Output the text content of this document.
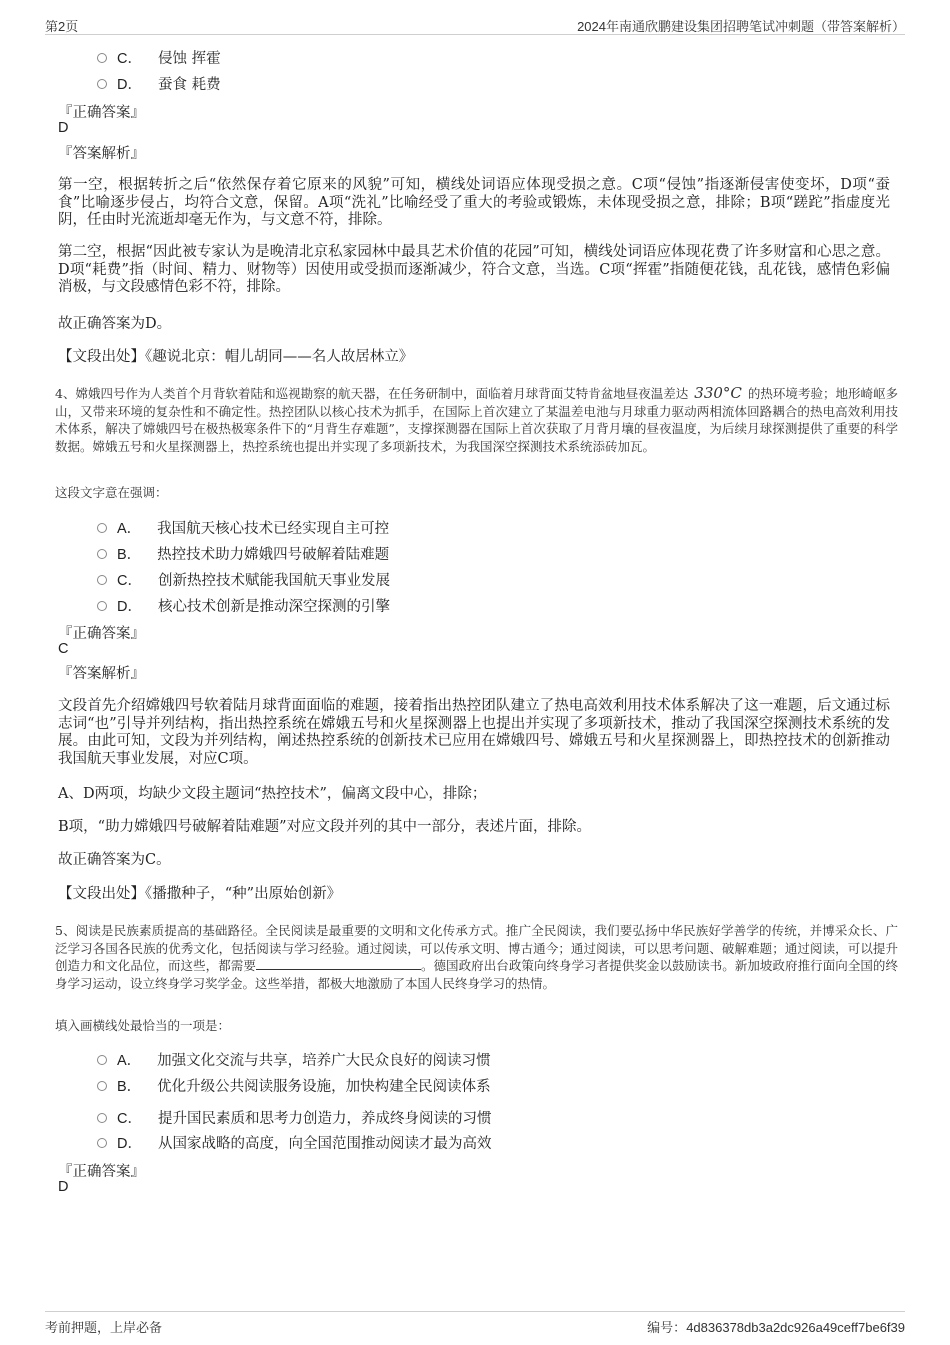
第2页	2024年南通欣鹏建设集团招聘笔试冲刺题（带答案解析）
C． 侵蚀 挥霍
D． 蚕食 耗费
『正确答案』
D
『答案解析』
第一空，根据转折之后“依然保存着它原来的风貌”可知，横线处词语应体现受损之意。C项“侵蚀”指逐渐侵害使变坏，D项“蚕食”比喻逐步侵占，均符合文意，保留。A项“洗礼”比喻经受了重大的考验或锻炼，未体现受损之意，排除；B项“蹉跎”指虚度光阴，任由时光流逝却毫无作为，与文意不符，排除。
第二空，根据“因此被专家认为是晚清北京私家园林中最具艺术价值的花园”可知，横线处词语应体现花费了许多财富和心思之意。D项“耗费”指（时间、精力、财物等）因使用或受损而逐渐减少，符合文意，当选。C项“挥霍”指随便花钱，乱花钱，感情色彩偏消极，与文段感情色彩不符，排除。
故正确答案为D。
【文段出处】《趣说北京：帽儿胡同——名人故居林立》
4、嫦娥四号作为人类首个月背软着陆和巡视勘察的航天器，在任务研制中，面临着月球背面艾特肯盆地昼夜温差达 330°C 的热环境考验；地形崎岖多山，又带来环境的复杂性和不确定性。热控团队以核心技术为抓手，在国际上首次建立了某温差电池与月球重力驱动两相流体回路耦合的热电高效利用技术体系，解决了嫦娥四号在极热极寒条件下的“月背生存难题”，支撑探测器在国际上首次获取了月背月壤的昼夜温度，为后续月球探测提供了重要的科学数据。嫦娥五号和火星探测器上，热控系统也提出并实现了多项新技术，为我国深空探测技术系统添砖加瓦。
这段文字意在强调：
A． 我国航天核心技术已经实现自主可控
B． 热控技术助力嫦娥四号破解着陆难题
C． 创新热控技术赋能我国航天事业发展
D． 核心技术创新是推动深空探测的引擎
『正确答案』
C
『答案解析』
文段首先介绍嫦娥四号软着陆月球背面面临的难题，接着指出热控团队建立了热电高效利用技术体系解决了这一难题，后文通过标志词“也”引导并列结构，指出热控系统在嫦娥五号和火星探测器上也提出并实现了多项新技术，推动了我国深空探测技术系统的发展。由此可知，文段为并列结构，阐述热控系统的创新技术已应用在嫦娥四号、嫦娥五号和火星探测器上，即热控技术的创新推动我国航天事业发展，对应C项。
A、D两项，均缺少文段主题词“热控技术”，偏离文段中心，排除；
B项，“助力嫦娥四号破解着陆难题”对应文段并列的其中一部分，表述片面，排除。
故正确答案为C。
【文段出处】《播撒种子，“种”出原始创新》
5、阅读是民族素质提高的基础路径。全民阅读是最重要的文明和文化传承方式。推广全民阅读，我们要弘扬中华民族好学善学的传统，并博采众长、广泛学习各国各民族的优秀文化，包括阅读与学习经验。通过阅读，可以传承文明、博古通今；通过阅读，可以思考问题、破解难题；通过阅读，可以提升创造力和文化品位，而这些，都需要	。德国政府出台政策向终身学习者提供奖金以鼓励读书。新加坡政府推行面向全国的终身学习运动，设立终身学习奖学金。这些举措，都极大地激励了本国人民终身学习的热情。
填入画横线处最恰当的一项是：
A． 加强文化交流与共享，培养广大民众良好的阅读习惯
B． 优化升级公共阅读服务设施，加快构建全民阅读体系
C． 提升国民素质和思考力创造力，养成终身阅读的习惯
D． 从国家战略的高度，向全国范围推动阅读才最为高效
『正确答案』
D
考前押题，上岸必备	编号：4d836378db3a2dc926a49ceff7be6f39
